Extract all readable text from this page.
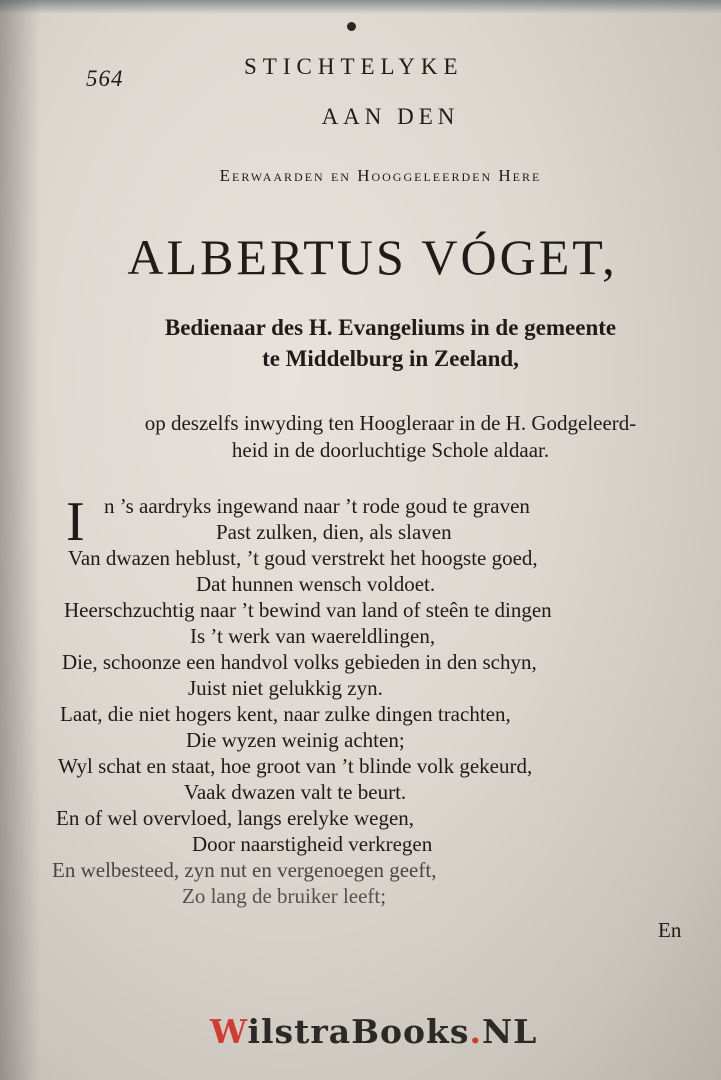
564	STICHTELYKE
AAN DEN
Eerwaarden en Hooggeleerden Here
ALBERTUS VÓGET,
Bedienaar des H. Evangeliums in de gemeente
te Middelburg in Zeeland,
op deszelfs inwyding ten Hoogleraar in de H. Godgeleerd-
heid in de doorluchtige Schole aldaar.
I n ’s aardryks ingewand naar ’t rode goud te graven
Past zulken, dien, als slaven
Van dwazen heblust, ’t goud verstrekt het hoogste goed,
Dat hunnen wensch voldoet.
Heerschzuchtig naar ’t bewind van land of steên te dingen
Is ’t werk van waereldlingen,
Die, schoonze een handvol volks gebieden in den schyn,
Juist niet gelukkig zyn.
Laat, die niet hogers kent, naar zulke dingen trachten,
Die wyzen weinig achten;
Wyl schat en staat, hoe groot van ’t blinde volk gekeurd,
Vaak dwazen valt te beurt.
En of wel overvloed, langs erelyke wegen,
Door naarstigheid verkregen
En welbesteed, zyn nut en vergenoegen geeft,
Zo lang de bruiker leeft;
En
WilstraBooks.NL
